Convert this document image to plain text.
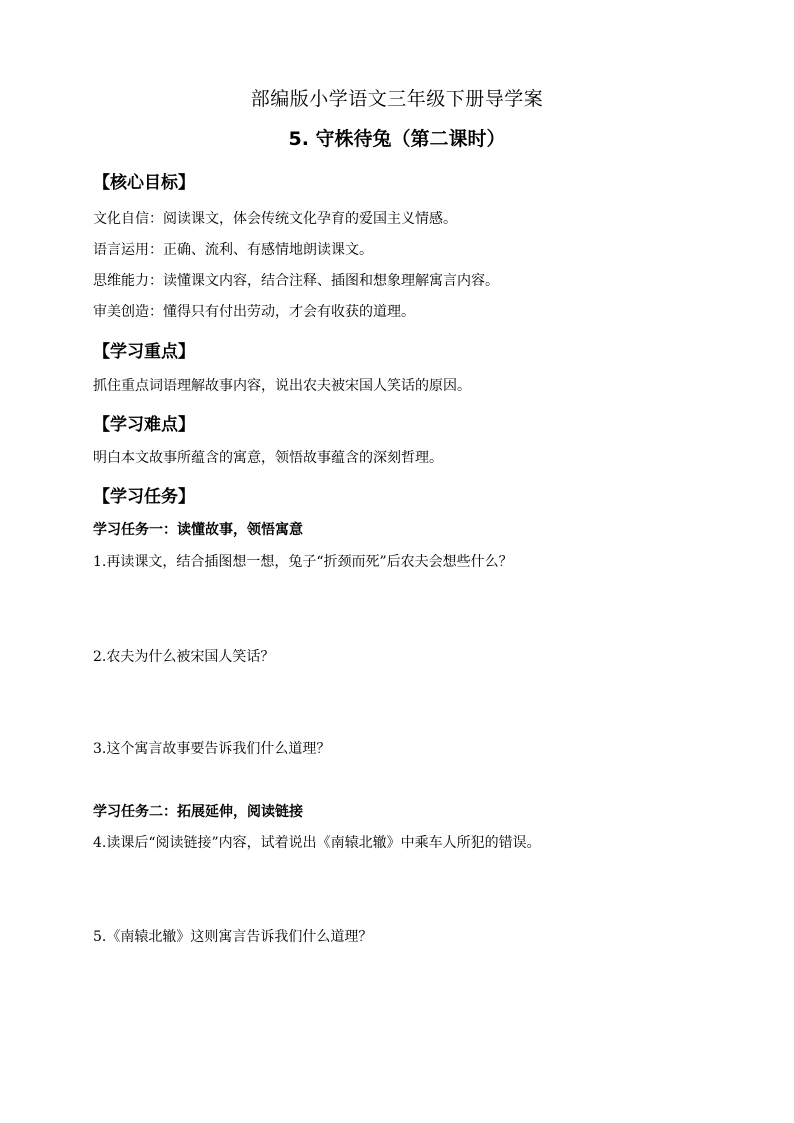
部编版小学语文三年级下册导学案
5. 守株待兔（第二课时）
【核心目标】
文化自信：阅读课文，体会传统文化孕育的爱国主义情感。
语言运用：正确、流利、有感情地朗读课文。
思维能力：读懂课文内容，结合注释、插图和想象理解寓言内容。
审美创造：懂得只有付出劳动，才会有收获的道理。
【学习重点】
抓住重点词语理解故事内容，说出农夫被宋国人笑话的原因。
【学习难点】
明白本文故事所蕴含的寓意，领悟故事蕴含的深刻哲理。
【学习任务】
学习任务一：读懂故事，领悟寓意
1.再读课文，结合插图想一想，兔子“折颈而死”后农夫会想些什么？
2.农夫为什么被宋国人笑话？
3.这个寓言故事要告诉我们什么道理？
学习任务二：拓展延伸，阅读链接
4.读课后“阅读链接”内容，试着说出《南辕北辙》中乘车人所犯的错误。
5.《南辕北辙》这则寓言告诉我们什么道理？
